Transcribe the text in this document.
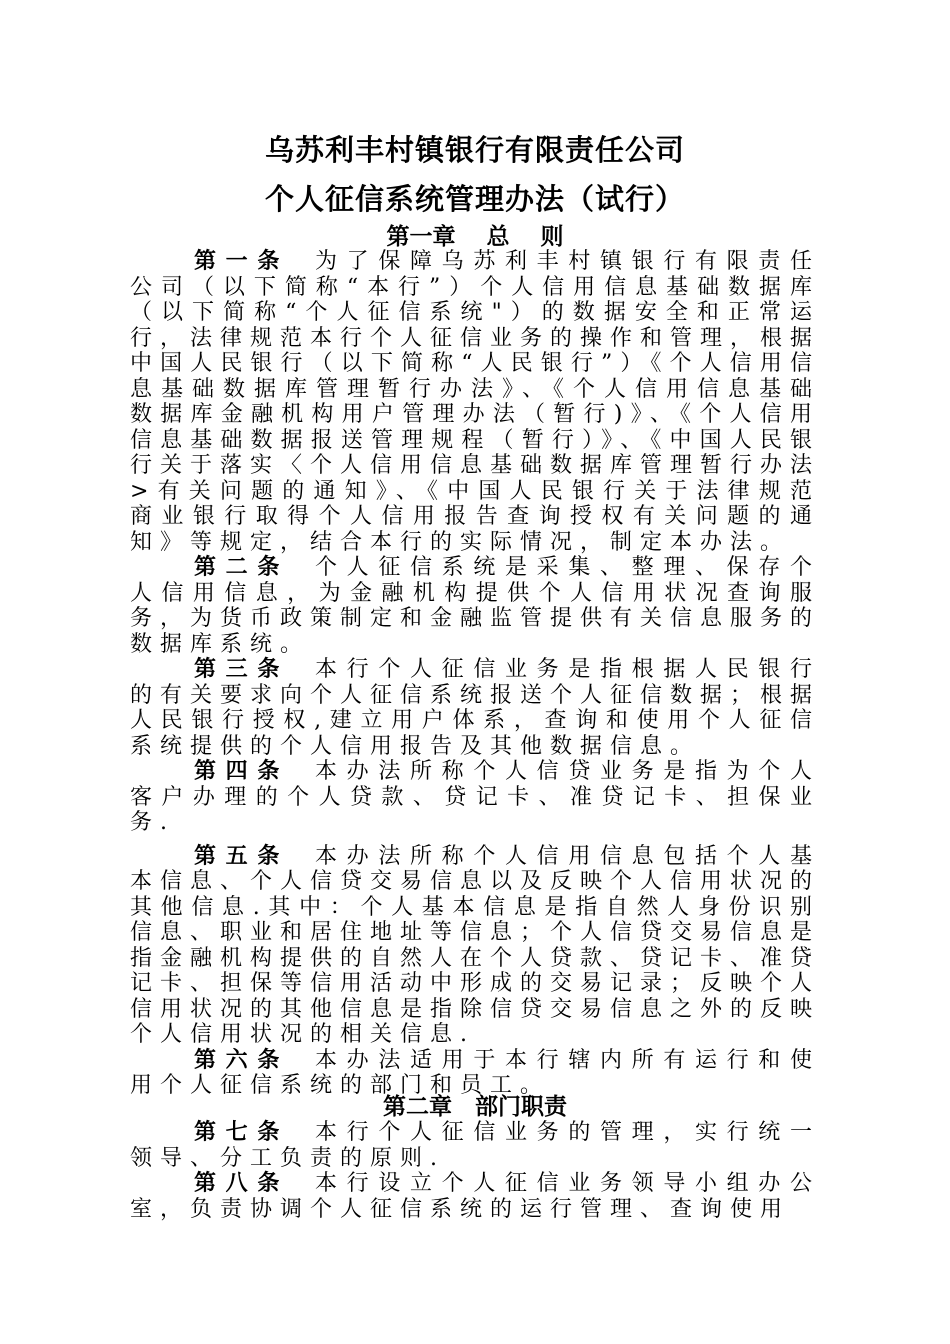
乌苏利丰村镇银行有限责任公司
个人征信系统管理办法（试行）
第一章　 总　 则

第一条 为了保障乌苏利丰村镇银行有限责任公司（以下简称“本行”）个人信用信息基础数据库（以下简称“个人征信系统"）的数据安全和正常运行，法律规范本行个人征信业务的操作和管理，根据中国人民银行（以下简称“人民银行”）《个人信用信息基础数据库管理暂行办法》、《个人信用信息基础数据库金融机构用户管理办法（暂行)》、《个人信用信息基础数据报送管理规程（暂行）》、《中国人民银行关于落实〈个人信用信息基础数据库管理暂行办法>有关问题的通知》、《中国人民银行关于法律规范商业银行取得个人信用报告查询授权有关问题的通知》等规定，结合本行的实际情况，制定本办法。

第二条 个人征信系统是采集、整理、保存个人信用信息，为金融机构提供个人信用状况查询服务，为货币政策制定和金融监管提供有关信息服务的数据库系统。

第三条 本行个人征信业务是指根据人民银行的有关要求向个人征信系统报送个人征信数据；根据人民银行授权,建立用户体系，查询和使用个人征信系统提供的个人信用报告及其他数据信息。

第四条 本办法所称个人信贷业务是指为个人客户办理的个人贷款、贷记卡、准贷记卡、担保业务.

第五条 本办法所称个人信用信息包括个人基本信息、个人信贷交易信息以及反映个人信用状况的其他信息.其中：个人基本信息是指自然人身份识别信息、职业和居住地址等信息；个人信贷交易信息是指金融机构提供的自然人在个人贷款、贷记卡、准贷记卡、担保等信用活动中形成的交易记录；反映个人信用状况的其他信息是指除信贷交易信息之外的反映个人信用状况的相关信息.

第六条 本办法适用于本行辖内所有运行和使用个人征信系统的部门和员工。

第二章　部门职责

第七条 本行个人征信业务的管理，实行统一领导、分工负责的原则.

第八条 本行设立个人征信业务领导小组办公室，负责协调个人征信系统的运行管理、查询使用
